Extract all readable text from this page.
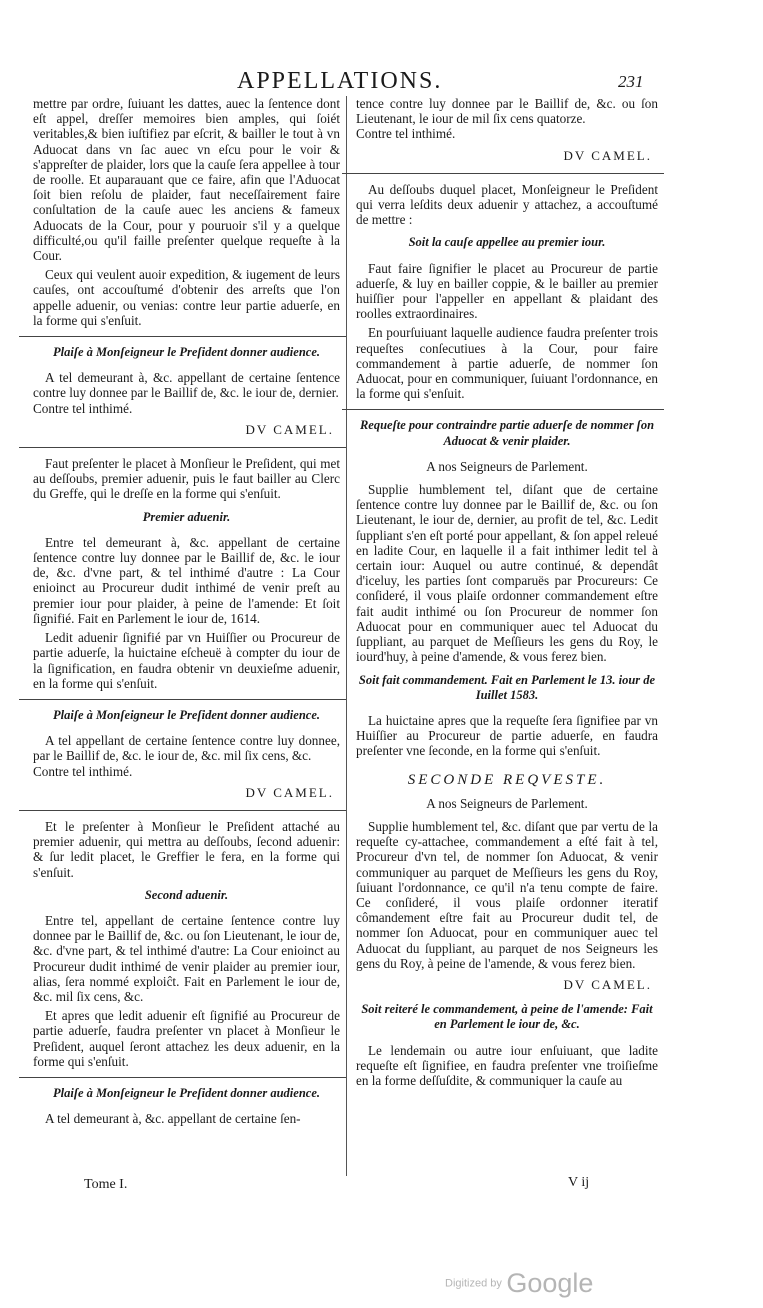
APPELLATIONS.	231

mettre par ordre, ſuiuant les dattes, auec la ſentence dont eſt appel, dreſſer memoires bien amples, qui ſoiét veritables,& bien iuſtifiez par eſcrit, & bailler le tout à vn Aduocat dans vn ſac auec vn eſcu pour le voir & s'appreſter de plaider, lors que la cauſe ſera appellee à tour de roolle. Et auparauant que ce faire, afin que l'Aduocat ſoit bien reſolu de plaider, faut neceſſairement faire conſultation de la cauſe auec les anciens & fameux Aduocats de la Cour, pour y pouruoir s'il y a quelque difficulté,ou qu'il faille preſenter quelque requeſte à la Cour.

Ceux qui veulent auoir expedition, & iugement de leurs cauſes, ont accouſtumé d'obtenir des arreſts que l'on appelle aduenir, ou venias: contre leur partie aduerſe, en la forme qui s'enſuit.

Plaiſe à Monſeigneur le Preſident donner audience.

A tel demeurant à, &c. appellant de certaine ſentence contre luy donnee par le Baillif de, &c. le iour de, dernier.

Contre tel inthimé.

DV CAMEL.

Faut preſenter le placet à Monſieur le Preſident, qui met au deſſoubs, premier aduenir, puis le faut bailler au Clerc du Greffe, qui le dreſſe en la forme qui s'enſuit.

Premier aduenir.

Entre tel demeurant à, &c. appellant de certaine ſentence contre luy donnee par le Baillif de, &c. le iour de, &c. d'vne part, & tel inthimé d'autre : La Cour enioinct au Procureur dudit inthimé de venir preſt au premier iour pour plaider, à peine de l'amende: Et ſoit ſignifié. Fait en Parlement le iour de, 1614.

Ledit aduenir ſignifié par vn Huiſſier ou Procureur de partie aduerſe, la huictaine eſcheuë à compter du iour de la ſignification, en faudra obtenir vn deuxieſme aduenir, en la forme qui s'enſuit.

Plaiſe à Monſeigneur le Preſident donner audience.

A tel appellant de certaine ſentence contre luy donnee, par le Baillif de, &c. le iour de, &c. mil ſix cens, &c.

Contre tel inthimé.

DV CAMEL.

Et le preſenter à Monſieur le Preſident attaché au premier aduenir, qui mettra au deſſoubs, ſecond aduenir: & ſur ledit placet, le Greffier le fera, en la forme qui s'enſuit.

Second aduenir.

Entre tel, appellant de certaine ſentence contre luy donnee par le Baillif de, &c. ou ſon Lieutenant, le iour de, &c. d'vne part, & tel inthimé d'autre: La Cour enioinct au Procureur dudit inthimé de venir plaider au premier iour, alias, ſera nommé exploiĉt. Fait en Parlement le iour de, &c. mil ſix cens, &c.

Et apres que ledit aduenir eſt ſignifié au Procureur de partie aduerſe, faudra preſenter vn placet à Monſieur le Preſident, auquel ſeront attachez les deux aduenir, en la forme qui s'enſuit.

Plaiſe à Monſeigneur le Preſident donner audience.

A tel demeurant à, &c. appellant de certaine ſen-

tence contre luy donnee par le Baillif de, &c. ou ſon Lieutenant, le iour de mil ſix cens quatorze.

Contre tel inthimé.

DV CAMEL.

Au deſſoubs duquel placet, Monſeigneur le Preſident qui verra leſdits deux aduenir y attachez, a accouſtumé de mettre :

Soit la cauſe appellee au premier iour.

Faut faire ſignifier le placet au Procureur de partie aduerſe, & luy en bailler coppie, & le bailler au premier huiſſier pour l'appeller en appellant & plaidant des roolles extraordinaires.

En pourſuiuant laquelle audience faudra preſenter trois requeſtes conſecutiues à la Cour, pour faire commandement à partie aduerſe, de nommer ſon Aduocat, pour en communiquer, ſuiuant l'ordonnance, en la forme qui s'enſuit.

Requeſte pour contraindre partie aduerſe de nommer ſon Aduocat & venir plaider.

A nos Seigneurs de Parlement.

Supplie humblement tel, diſant que de certaine ſentence contre luy donnee par le Baillif de, &c. ou ſon Lieutenant, le iour de, dernier, au profit de tel, &c. Ledit ſuppliant s'en eſt porté pour appellant, & ſon appel releué en ladite Cour, en laquelle il a fait inthimer ledit tel à certain iour: Auquel ou autre continué, & dependât d'iceluy, les parties ſont comparuës par Procureurs: Ce conſideré, il vous plaiſe ordonner commandement eſtre fait audit inthimé ou ſon Procureur de nommer ſon Aduocat pour en communiquer auec tel Aduocat du ſuppliant, au parquet de Meſſieurs les gens du Roy, le iourd'huy, à peine d'amende, & vous ferez bien.

Soit fait commandement. Fait en Parlement le 13. iour de Iuillet 1583.

La huictaine apres que la requeſte ſera ſignifiee par vn Huiſſier au Procureur de partie aduerſe, en faudra preſenter vne ſeconde, en la forme qui s'enſuit.

SECONDE REQVESTE.

A nos Seigneurs de Parlement.

Supplie humblement tel, &c. diſant que par vertu de la requeſte cy-attachee, commandement a eſté fait à tel, Procureur d'vn tel, de nommer ſon Aduocat, & venir communiquer au parquet de Meſſieurs les gens du Roy, ſuiuant l'ordonnance, ce qu'il n'a tenu compte de faire. Ce conſideré, il vous plaiſe ordonner iteratif cômandement eſtre fait au Procureur dudit tel, de nommer ſon Aduocat, pour en communiquer auec tel Aduocat du ſuppliant, au parquet de nos Seigneurs les gens du Roy, à peine de l'amende, & vous ferez bien.

DV CAMEL.

Soit reiteré le commandement, à peine de l'amende: Fait en Parlement le iour de, &c.

Le lendemain ou autre iour enſuiuant, que ladite requeſte eſt ſignifiee, en faudra preſenter vne troiſieſme en la forme deſſuſdite, & communiquer la cauſe au

Tome I.	V ij
Digitized by Google
